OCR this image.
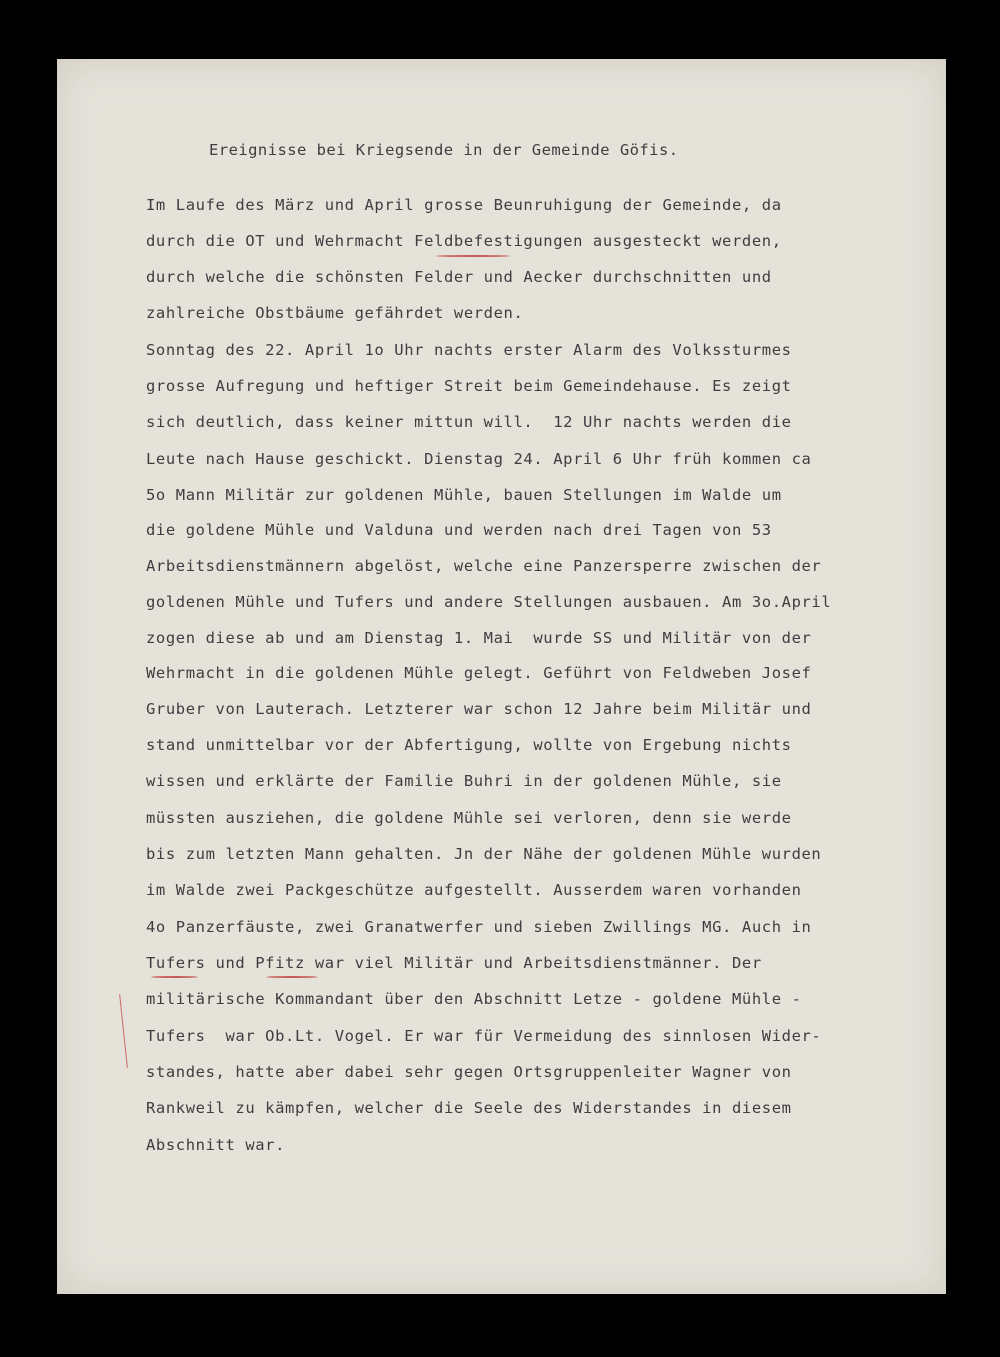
Ereignisse bei Kriegsende in der Gemeinde Göfis.
Im Laufe des März und April grosse Beunruhigung der Gemeinde, da
durch die OT und Wehrmacht Feldbefestigungen ausgesteckt werden,
durch welche die schönsten Felder und Aecker durchschnitten und
zahlreiche Obstbäume gefährdet werden.
Sonntag des 22. April 1o Uhr nachts erster Alarm des Volkssturmes
grosse Aufregung und heftiger Streit beim Gemeindehause. Es zeigt
sich deutlich, dass keiner mittun will.  12 Uhr nachts werden die
Leute nach Hause geschickt. Dienstag 24. April 6 Uhr früh kommen ca
5o Mann Militär zur goldenen Mühle, bauen Stellungen im Walde um
die goldene Mühle und Valduna und werden nach drei Tagen von 53
Arbeitsdienstmännern abgelöst, welche eine Panzersperre zwischen der
goldenen Mühle und Tufers und andere Stellungen ausbauen. Am 3o.April
zogen diese ab und am Dienstag 1. Mai  wurde SS und Militär von der
Wehrmacht in die goldenen Mühle gelegt. Geführt von Feldweben Josef
Gruber von Lauterach. Letzterer war schon 12 Jahre beim Militär und
stand unmittelbar vor der Abfertigung, wollte von Ergebung nichts
wissen und erklärte der Familie Buhri in der goldenen Mühle, sie
müssten ausziehen, die goldene Mühle sei verloren, denn sie werde
bis zum letzten Mann gehalten. Jn der Nähe der goldenen Mühle wurden
im Walde zwei Packgeschütze aufgestellt. Ausserdem waren vorhanden
4o Panzerfäuste, zwei Granatwerfer und sieben Zwillings MG. Auch in
Tufers und Pfitz war viel Militär und Arbeitsdienstmänner. Der
militärische Kommandant über den Abschnitt Letze - goldene Mühle -
Tufers  war Ob.Lt. Vogel. Er war für Vermeidung des sinnlosen Wider-
standes, hatte aber dabei sehr gegen Ortsgruppenleiter Wagner von
Rankweil zu kämpfen, welcher die Seele des Widerstandes in diesem
Abschnitt war.
